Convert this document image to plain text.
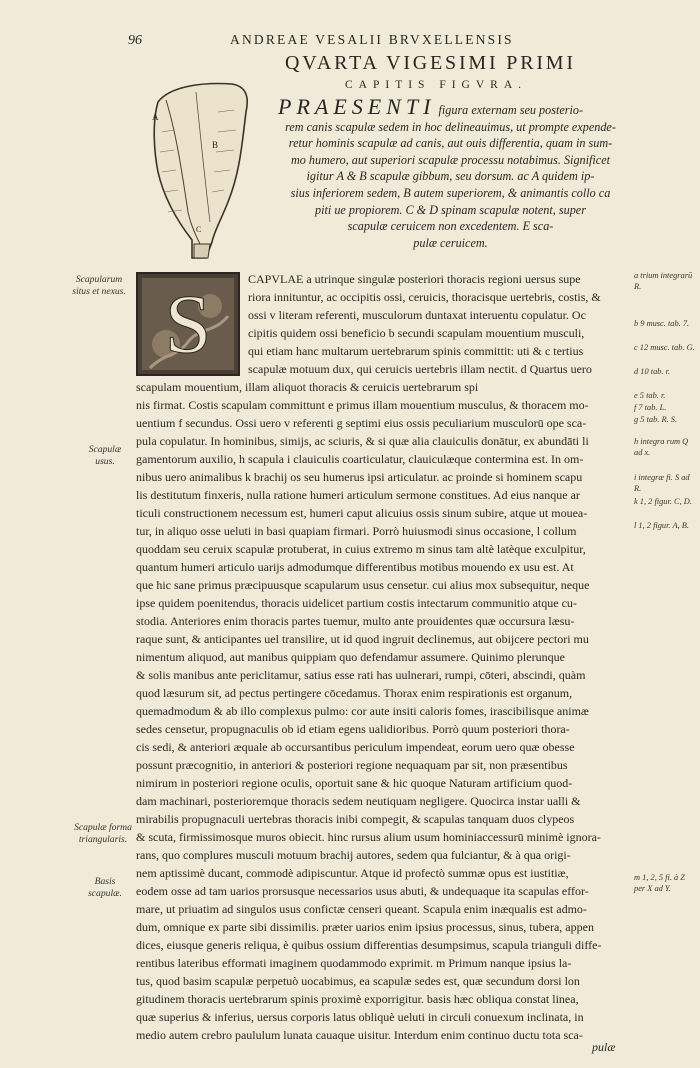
96	ANDREAE VESALII BRVXELLENSIS
QVARTA VIGESIMI PRIMI
CAPITIS FIGVRA.
A
B
C
PRAESENTI figura externam seu posterio-
rem canis scapulæ sedem in hoc delineauimus, ut prompte expende-
retur hominis scapulæ ad canis, aut ouis differentia, quam in sum-
mo humero, aut superiori scapulæ processu notabimus. Significet
igitur A & B scapulæ gibbum, seu dorsum. ac A quidem ip-
sius inferiorem sedem, B autem superiorem, & animantis collo ca
piti ue propiorem. C & D spinam scapulæ notent, super
scapulæ ceruicem non excedentem. E sca-
pulæ ceruicem.
S	CAPVLAE a utrinque singulæ posteriori thoracis regioni uersus supe
riora innituntur, ac occipitis ossi, ceruicis, thoracisque uertebris, costis, &
ossi v literam referenti, musculorum duntaxat interuentu copulatur. Oc
cipitis quidem ossi beneficio b secundi scapulam mouentium musculi,
qui etiam hanc multarum uertebrarum spinis committit: uti & c tertius
scapulæ motuum dux, qui ceruicis uertebris illam nectit. d Quartus uero
scapulam mouentium, illam aliquot thoracis & ceruicis uertebrarum spi
nis firmat. Costis scapulam committunt e primus illam mouentium musculus, & thoracem mo-
uentium f secundus. Ossi uero v referenti g septimi eius ossis peculiarium musculorū ope sca-
pula copulatur. In hominibus, simijs, ac sciuris, & si quæ alia clauiculis donātur, ex abundāti li
gamentorum auxilio, h scapula i clauiculis coarticulatur, clauiculæque contermina est. In om-
nibus uero animalibus k brachij os seu humerus ipsi articulatur. ac proinde si hominem scapu
lis destitutum finxeris, nulla ratione humeri articulum sermone constitues. Ad eius nanque ar
ticuli constructionem necessum est, humeri caput alicuius ossis sinum subire, atque ut mouea-
tur, in aliquo osse ueluti in basi quapiam firmari. Porrò huiusmodi sinus occasione, l collum
quoddam seu ceruix scapulæ protuberat, in cuius extremo m sinus tam altè latèque exculpitur,
quantum humeri articulo uarijs admodumque differentibus motibus mouendo ex usu est. At
que hic sane primus præcipuusque scapularum usus censetur. cui alius mox subsequitur, neque
ipse quidem poenitendus, thoracis uidelicet partium costis intectarum communitio atque cu-
stodia. Anteriores enim thoracis partes tuemur, multo ante prouidentes quæ occursura læsu-
raque sunt, & anticipantes uel transilire, ut id quod ingruit declinemus, aut obijcere pectori mu
nimentum aliquod, aut manibus quippiam quo defendamur assumere. Quinimo plerunque
& solis manibus ante periclitamur, satius esse rati has uulnerari, rumpi, cōteri, abscindi, quàm
quod læsurum sit, ad pectus pertingere cōcedamus. Thorax enim respirationis est organum,
quemadmodum & ab illo complexus pulmo: cor aute insiti caloris fomes, irascibilisque animæ
sedes censetur, propugnaculis ob id etiam egens ualidioribus. Porrò quum posteriori thora-
cis sedi, & anteriori æquale ab occursantibus periculum impendeat, eorum uero quæ obesse
possunt præcognitio, in anteriori & posteriori regione nequaquam par sit, non præsentibus
nimirum in posteriori regione oculis, oportuit sane & hic quoque Naturam artificium quod-
dam machinari, posterioremque thoracis sedem neutiquam negligere. Quocirca instar ualli &
mirabilis propugnaculi uertebras thoracis inibi compegit, & scapulas tanquam duos clypeos
& scuta, firmissimosque muros obiecit. hinc rursus alium usum hominiaccessurū minimè ignora-
rans, quo complures musculi motuum brachij autores, sedem qua fulciantur, & à qua origi-
nem aptissimè ducant, commodè adipiscuntur. Atque id profectò summæ opus est iustitiæ,
eodem osse ad tam uarios prorsusque necessarios usus abuti, & undequaque ita scapulas effor-
mare, ut priuatim ad singulos usus confictæ censeri queant. Scapula enim inæqualis est admo-
dum, omnique ex parte sibi dissimilis. præter uarios enim ipsius processus, sinus, tubera, appen
dices, eiusque generis reliqua, è quibus ossium differentias desumpsimus, scapula trianguli diffe-
rentibus lateribus efformati imaginem quodammodo exprimit. m Primum nanque ipsius la-
tus, quod basim scapulæ perpetuò uocabimus, ea scapulæ sedes est, quæ secundum dorsi lon
gitudinem thoracis uertebrarum spinis proximè exporrigitur. basis hæc obliqua constat linea,
quæ superius & inferius, uersus corporis latus obliquè ueluti in circuli conuexum inclinata, in
medio autem crebro paululum lunata cauaque uisitur. Interdum enim continuo ductu tota sca-
Scapularum situs et nexus.
Scapulæ usus.
Scapulæ forma triangularis.
Basis scapulæ.
a trium integrarū R.
b 9 musc. tab. 7.
c 12 musc. tab. G.
d 10 tab. r.
e 5 tab. r.
f 7 tab. L.
g 5 tab. R. S.
h integra rum Q ad x.
i integræ fi. S ad R.
k 1, 2 figur. C, D.
l 1, 2 figur. A, B.
m 1, 2, 5 fi. à Z per X ad Y.
pulæ
